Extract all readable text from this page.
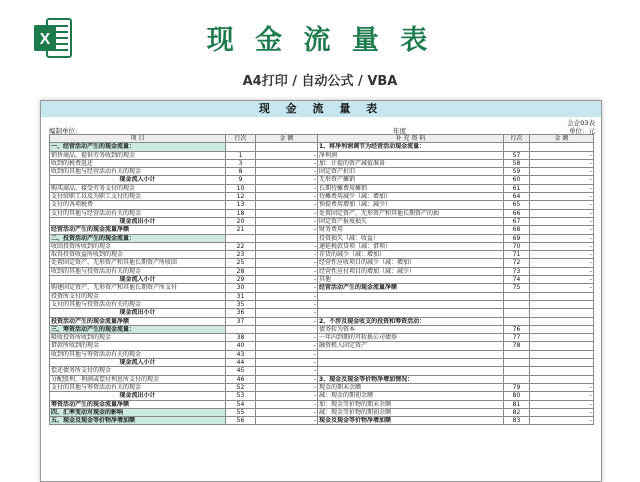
X	现 金 流 量 表
A4打印 / 自动公式 / VBA
现 金 流 量 表
编制单位：	年度
会企03表
单位：元
项 目	行次	金 额	补 充 资 料	行次	金 额
一、经营活动产生的现金流量：			1、将净利润调节为经营活动现金流量：		
销售商品、提供劳务收到的现金	1	-	净利润	57	-
收到的税费返还	3	-	加：计提的资产减值准备	58	-
收到的其他与经营活动有关的现金	8	-	固定资产折旧	59	-
现金流入小计	9	-	无形资产摊销	60	-
购买商品、接受劳务支付的现金	10	-	长期待摊费用摊销	61	-
支付给职工以及为职工支付的现金	12	-	待摊费用减少（减：增加）	64	-
支付的各项税费	13	-	预提费用增加（减：减少）	65	-
支付的其他与经营活动有关的现金	18	-	处置固定资产、无形资产和其他长期资产的损	66	-
现金流出小计	20	-	固定资产报废损失	67	-
经营活动产生的现金流量净额	21	-	财务费用	68	-
二、投资活动产生的现金流量：			投资损失（减：收益）	69	-
收回投资所收到的现金	22	-	递延税款贷项（减：借项）	70	-
取得投资收益所收到的现金	23	-	存货的减少（减：增加）	71	-
处置固定资产、无形资产和其他长期资产所收回	25	-	经营性应收项目的减少（减：增加）	72	-
收到的其他与投资活动有关的现金	28	-	经营性应付项目的增加（减：减少）	73	-
现金流入小计	29	-	其他	74	-
购建固定资产、无形资产和其他长期资产所支付	30	-	经营活动产生的现金流量净额	75	-
投资所支付的现金	31	-			
支付的其他与投资活动有关的现金	35	-			
现金流出小计	36	-			
投资活动产生的现金流量净额	37	-	2、不涉及现金收支的投资和筹资活动：		
三、筹资活动产生的现金流量：			债务转为资本	76	
吸收投资所收到的现金	38	-	一年内到期的可转换公司债券	77	
借款所收到的现金	40	-	融资租入固定资产	78	
收到的其他与筹资活动有关的现金	43	-			
现金流入小计	44	-			
偿还债务所支付的现金	45	-			
分配股利、利润或偿付利息所支付的现金	46	-	3、现金及现金等价物净增加情况：		
支付的其他与筹资活动有关的现金	52	-	现金的期末余额	79	-
现金流出小计	53	-	减：现金的期初余额	80	-
筹资活动产生的现金流量净额	54	-	加：现金等价物的期末余额	81	-
四、汇率变动对现金的影响	55	-	减：现金等价物的期初余额	82	-
五、现金及现金等价物净增加额	56	-	现金及现金等价物净增加额	83	-
